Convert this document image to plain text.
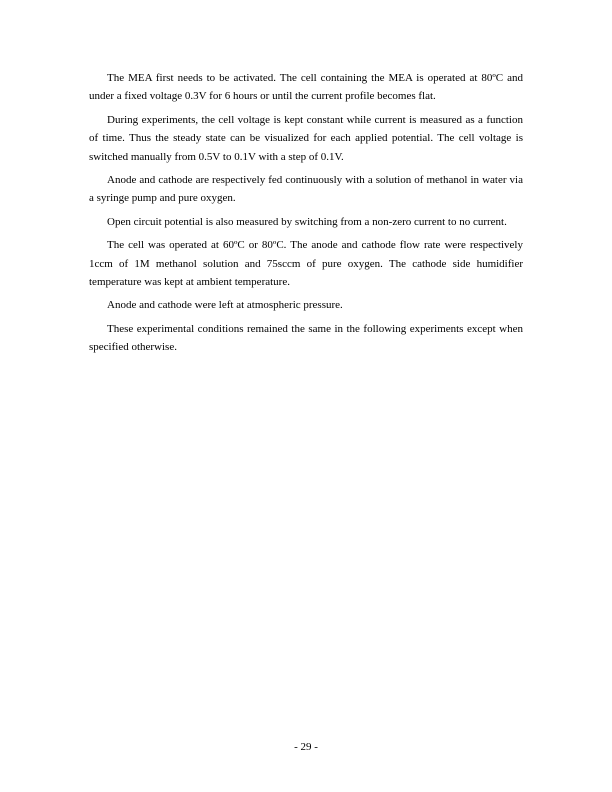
The MEA first needs to be activated. The cell containing the MEA is operated at 80ºC and under a fixed voltage 0.3V for 6 hours or until the current profile becomes flat.

During experiments, the cell voltage is kept constant while current is measured as a function of time. Thus the steady state can be visualized for each applied potential. The cell voltage is switched manually from 0.5V to 0.1V with a step of 0.1V.

Anode and cathode are respectively fed continuously with a solution of methanol in water via a syringe pump and pure oxygen.

Open circuit potential is also measured by switching from a non-zero current to no current.

The cell was operated at 60ºC or 80ºC. The anode and cathode flow rate were respectively 1ccm of 1M methanol solution and 75sccm of pure oxygen. The cathode side humidifier temperature was kept at ambient temperature.

Anode and cathode were left at atmospheric pressure.

These experimental conditions remained the same in the following experiments except when specified otherwise.

- 29 -
